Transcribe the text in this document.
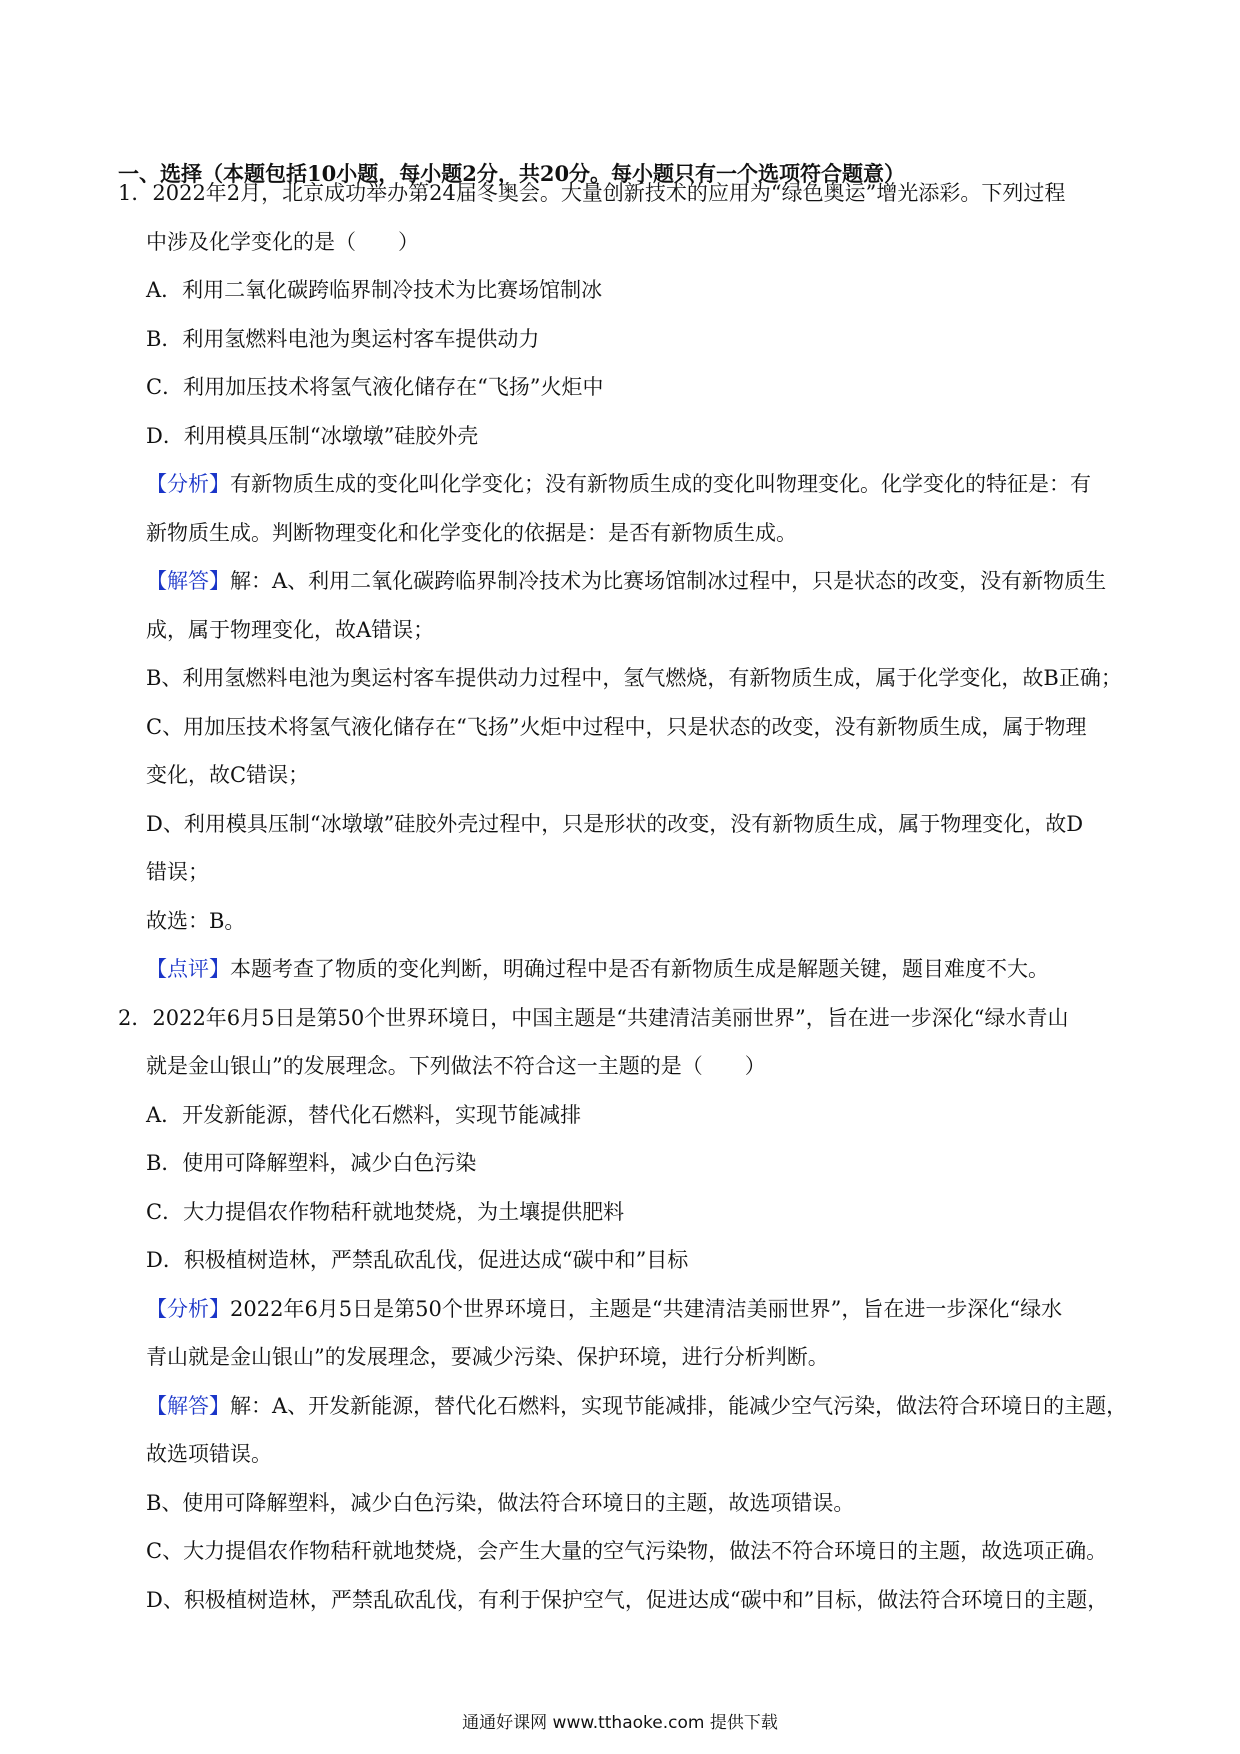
一、选择（本题包括10小题，每小题2分，共20分。每小题只有一个选项符合题意）
1．2022年2月，北京成功举办第24届冬奥会。大量创新技术的应用为“绿色奥运”增光添彩。下列过程
中涉及化学变化的是（　　）
A．利用二氧化碳跨临界制冷技术为比赛场馆制冰
B．利用氢燃料电池为奥运村客车提供动力
C．利用加压技术将氢气液化储存在“飞扬”火炬中
D．利用模具压制“冰墩墩”硅胶外壳
【分析】有新物质生成的变化叫化学变化；没有新物质生成的变化叫物理变化。化学变化的特征是：有
新物质生成。判断物理变化和化学变化的依据是：是否有新物质生成。
【解答】解：A、利用二氧化碳跨临界制冷技术为比赛场馆制冰过程中，只是状态的改变，没有新物质生
成，属于物理变化，故A错误；
B、利用氢燃料电池为奥运村客车提供动力过程中，氢气燃烧，有新物质生成，属于化学变化，故B正确；
C、用加压技术将氢气液化储存在“飞扬”火炬中过程中，只是状态的改变，没有新物质生成，属于物理
变化，故C错误；
D、利用模具压制“冰墩墩”硅胶外壳过程中，只是形状的改变，没有新物质生成，属于物理变化，故D
错误；
故选：B。
【点评】本题考查了物质的变化判断，明确过程中是否有新物质生成是解题关键，题目难度不大。
2．2022年6月5日是第50个世界环境日，中国主题是“共建清洁美丽世界”，旨在进一步深化“绿水青山
就是金山银山”的发展理念。下列做法不符合这一主题的是（　　）
A．开发新能源，替代化石燃料，实现节能减排
B．使用可降解塑料，减少白色污染
C．大力提倡农作物秸秆就地焚烧，为土壤提供肥料
D．积极植树造林，严禁乱砍乱伐，促进达成“碳中和”目标
【分析】2022年6月5日是第50个世界环境日，主题是“共建清洁美丽世界”，旨在进一步深化“绿水
青山就是金山银山”的发展理念，要减少污染、保护环境，进行分析判断。
【解答】解：A、开发新能源，替代化石燃料，实现节能减排，能减少空气污染，做法符合环境日的主题，
故选项错误。
B、使用可降解塑料，减少白色污染，做法符合环境日的主题，故选项错误。
C、大力提倡农作物秸秆就地焚烧，会产生大量的空气污染物，做法不符合环境日的主题，故选项正确。
D、积极植树造林，严禁乱砍乱伐，有利于保护空气，促进达成“碳中和”目标，做法符合环境日的主题，
通通好课网 www.tthaoke.com 提供下载
